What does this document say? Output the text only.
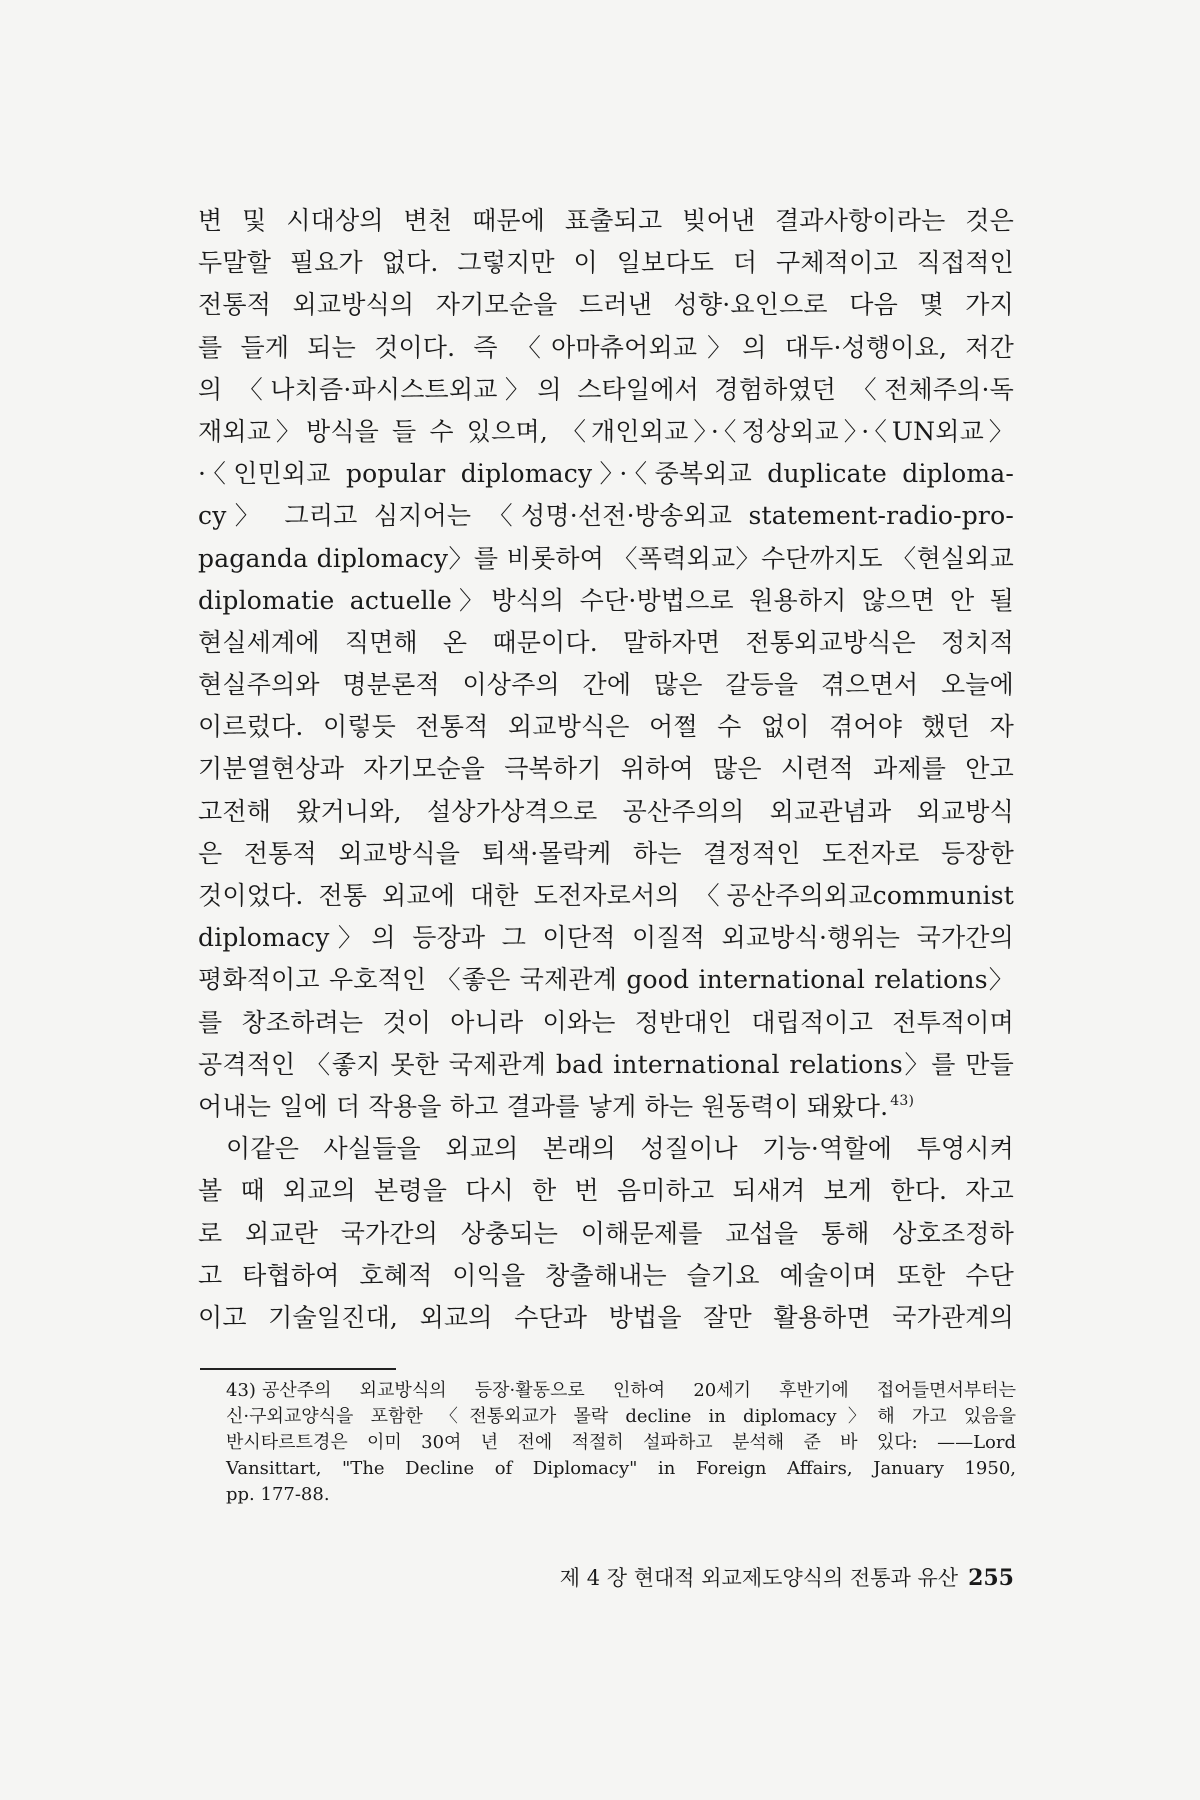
변 및 시대상의 변천 때문에 표출되고 빚어낸 결과사항이라는 것은
두말할 필요가 없다. 그렇지만 이 일보다도 더 구체적이고 직접적인
전통적 외교방식의 자기모순을 드러낸 성향·요인으로 다음 몇 가지
를 들게 되는 것이다. 즉 〈아마츄어외교〉의 대두·성행이요, 저간
의 〈나치즘·파시스트외교〉의 스타일에서 경험하였던 〈전체주의·독
재외교〉방식을 들 수 있으며, 〈개인외교〉·〈정상외교〉·〈UN외교〉
·〈인민외교 popular diplomacy〉·〈중복외교 duplicate diploma-
cy〉 그리고 심지어는 〈성명·선전·방송외교 statement-radio-pro-
paganda diplomacy〉를 비롯하여 〈폭력외교〉수단까지도 〈현실외교
diplomatie actuelle〉방식의 수단·방법으로 원용하지 않으면 안 될
현실세계에 직면해 온 때문이다. 말하자면 전통외교방식은 정치적
현실주의와 명분론적 이상주의 간에 많은 갈등을 겪으면서 오늘에
이르렀다. 이렇듯 전통적 외교방식은 어쩔 수 없이 겪어야 했던 자
기분열현상과 자기모순을 극복하기 위하여 많은 시련적 과제를 안고
고전해 왔거니와, 설상가상격으로 공산주의의 외교관념과 외교방식
은 전통적 외교방식을 퇴색·몰락케 하는 결정적인 도전자로 등장한
것이었다. 전통 외교에 대한 도전자로서의 〈공산주의외교communist
diplomacy〉의 등장과 그 이단적 이질적 외교방식·행위는 국가간의
평화적이고 우호적인 〈좋은 국제관계 good international relations〉
를 창조하려는 것이 아니라 이와는 정반대인 대립적이고 전투적이며
공격적인 〈좋지 못한 국제관계 bad international relations〉를 만들
어내는 일에 더 작용을 하고 결과를 낳게 하는 원동력이 돼왔다. $^{43)}$
이같은 사실들을 외교의 본래의 성질이나 기능·역할에 투영시켜
볼 때 외교의 본령을 다시 한 번 음미하고 되새겨 보게 한다. 자고
로 외교란 국가간의 상충되는 이해문제를 교섭을 통해 상호조정하
고 타협하여 호혜적 이익을 창출해내는 슬기요 예술이며 또한 수단
이고 기술일진대, 외교의 수단과 방법을 잘만 활용하면 국가관계의
43) 공산주의 외교방식의 등장·활동으로 인하여 20세기 후반기에 접어들면서부터는
신·구외교양식을 포함한 〈전통외교가 몰락 decline in diplomacy〉해 가고 있음을
반시타르트경은 이미 30여 년 전에 적절히 설파하고 분석해 준 바 있다: ——Lord
Vansittart, "The Decline of Diplomacy" in Foreign Affairs, January 1950,
pp. 177-88.
제 4 장 현대적 외교제도양식의 전통과 유산 255
